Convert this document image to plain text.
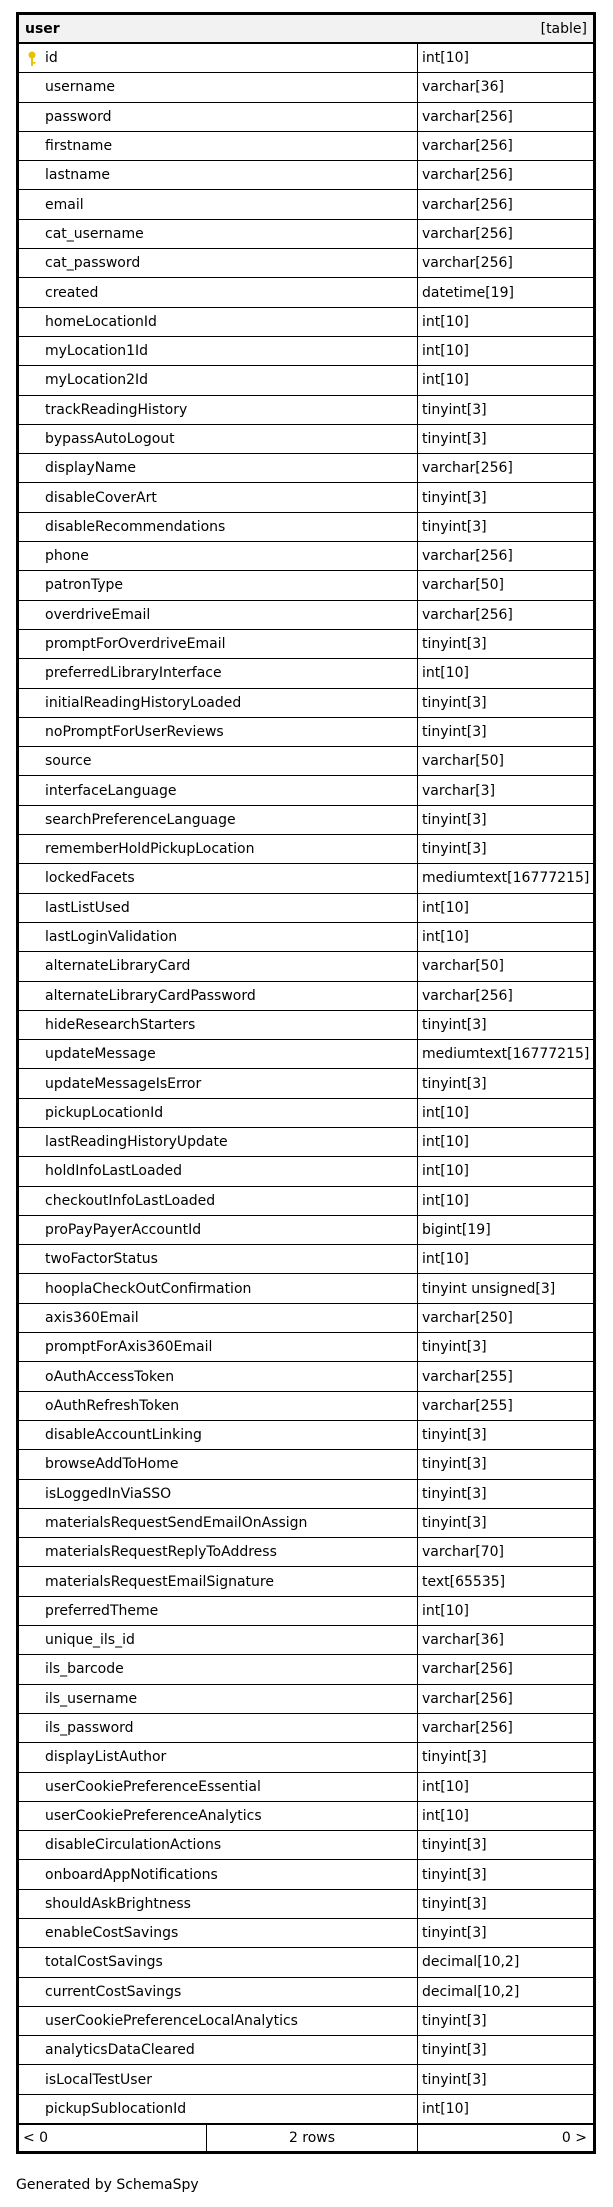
user	[table]
id	int[10]
username	varchar[36]
password	varchar[256]
firstname	varchar[256]
lastname	varchar[256]
email	varchar[256]
cat_username	varchar[256]
cat_password	varchar[256]
created	datetime[19]
homeLocationId	int[10]
myLocation1Id	int[10]
myLocation2Id	int[10]
trackReadingHistory	tinyint[3]
bypassAutoLogout	tinyint[3]
displayName	varchar[256]
disableCoverArt	tinyint[3]
disableRecommendations	tinyint[3]
phone	varchar[256]
patronType	varchar[50]
overdriveEmail	varchar[256]
promptForOverdriveEmail	tinyint[3]
preferredLibraryInterface	int[10]
initialReadingHistoryLoaded	tinyint[3]
noPromptForUserReviews	tinyint[3]
source	varchar[50]
interfaceLanguage	varchar[3]
searchPreferenceLanguage	tinyint[3]
rememberHoldPickupLocation	tinyint[3]
lockedFacets	mediumtext[16777215]
lastListUsed	int[10]
lastLoginValidation	int[10]
alternateLibraryCard	varchar[50]
alternateLibraryCardPassword	varchar[256]
hideResearchStarters	tinyint[3]
updateMessage	mediumtext[16777215]
updateMessageIsError	tinyint[3]
pickupLocationId	int[10]
lastReadingHistoryUpdate	int[10]
holdInfoLastLoaded	int[10]
checkoutInfoLastLoaded	int[10]
proPayPayerAccountId	bigint[19]
twoFactorStatus	int[10]
hooplaCheckOutConfirmation	tinyint unsigned[3]
axis360Email	varchar[250]
promptForAxis360Email	tinyint[3]
oAuthAccessToken	varchar[255]
oAuthRefreshToken	varchar[255]
disableAccountLinking	tinyint[3]
browseAddToHome	tinyint[3]
isLoggedInViaSSO	tinyint[3]
materialsRequestSendEmailOnAssign	tinyint[3]
materialsRequestReplyToAddress	varchar[70]
materialsRequestEmailSignature	text[65535]
preferredTheme	int[10]
unique_ils_id	varchar[36]
ils_barcode	varchar[256]
ils_username	varchar[256]
ils_password	varchar[256]
displayListAuthor	tinyint[3]
userCookiePreferenceEssential	int[10]
userCookiePreferenceAnalytics	int[10]
disableCirculationActions	tinyint[3]
onboardAppNotifications	tinyint[3]
shouldAskBrightness	tinyint[3]
enableCostSavings	tinyint[3]
totalCostSavings	decimal[10,2]
currentCostSavings	decimal[10,2]
userCookiePreferenceLocalAnalytics	tinyint[3]
analyticsDataCleared	tinyint[3]
isLocalTestUser	tinyint[3]
pickupSublocationId	int[10]
< 0	2 rows	0 >
Generated by SchemaSpy
